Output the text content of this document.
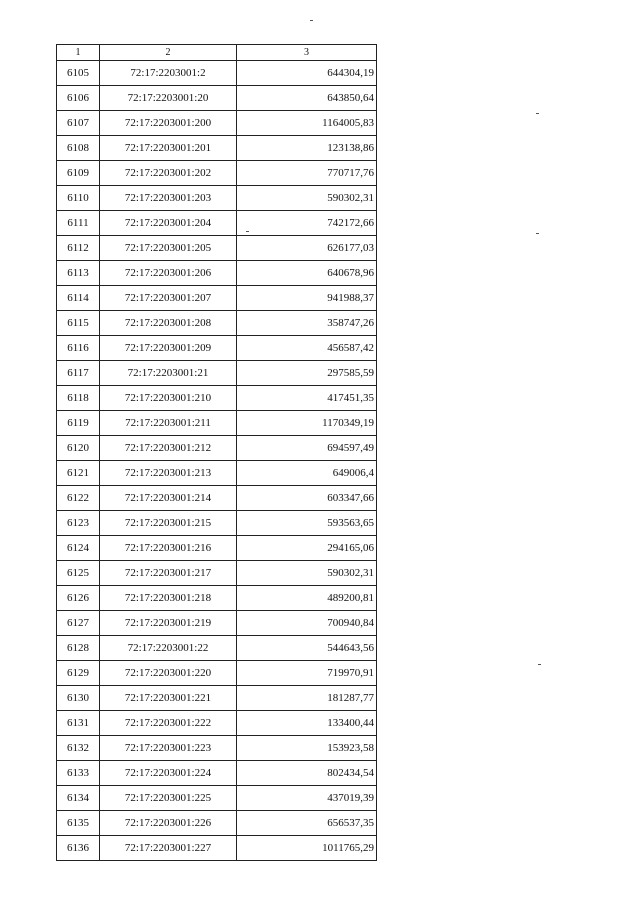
1	2	3
6105	72:17:2203001:2	644304,19
6106	72:17:2203001:20	643850,64
6107	72:17:2203001:200	1164005,83
6108	72:17:2203001:201	123138,86
6109	72:17:2203001:202	770717,76
6110	72:17:2203001:203	590302,31
6111	72:17:2203001:204	742172,66
6112	72:17:2203001:205	626177,03
6113	72:17:2203001:206	640678,96
6114	72:17:2203001:207	941988,37
6115	72:17:2203001:208	358747,26
6116	72:17:2203001:209	456587,42
6117	72:17:2203001:21	297585,59
6118	72:17:2203001:210	417451,35
6119	72:17:2203001:211	1170349,19
6120	72:17:2203001:212	694597,49
6121	72:17:2203001:213	649006,4
6122	72:17:2203001:214	603347,66
6123	72:17:2203001:215	593563,65
6124	72:17:2203001:216	294165,06
6125	72:17:2203001:217	590302,31
6126	72:17:2203001:218	489200,81
6127	72:17:2203001:219	700940,84
6128	72:17:2203001:22	544643,56
6129	72:17:2203001:220	719970,91
6130	72:17:2203001:221	181287,77
6131	72:17:2203001:222	133400,44
6132	72:17:2203001:223	153923,58
6133	72:17:2203001:224	802434,54
6134	72:17:2203001:225	437019,39
6135	72:17:2203001:226	656537,35
6136	72:17:2203001:227	1011765,29
